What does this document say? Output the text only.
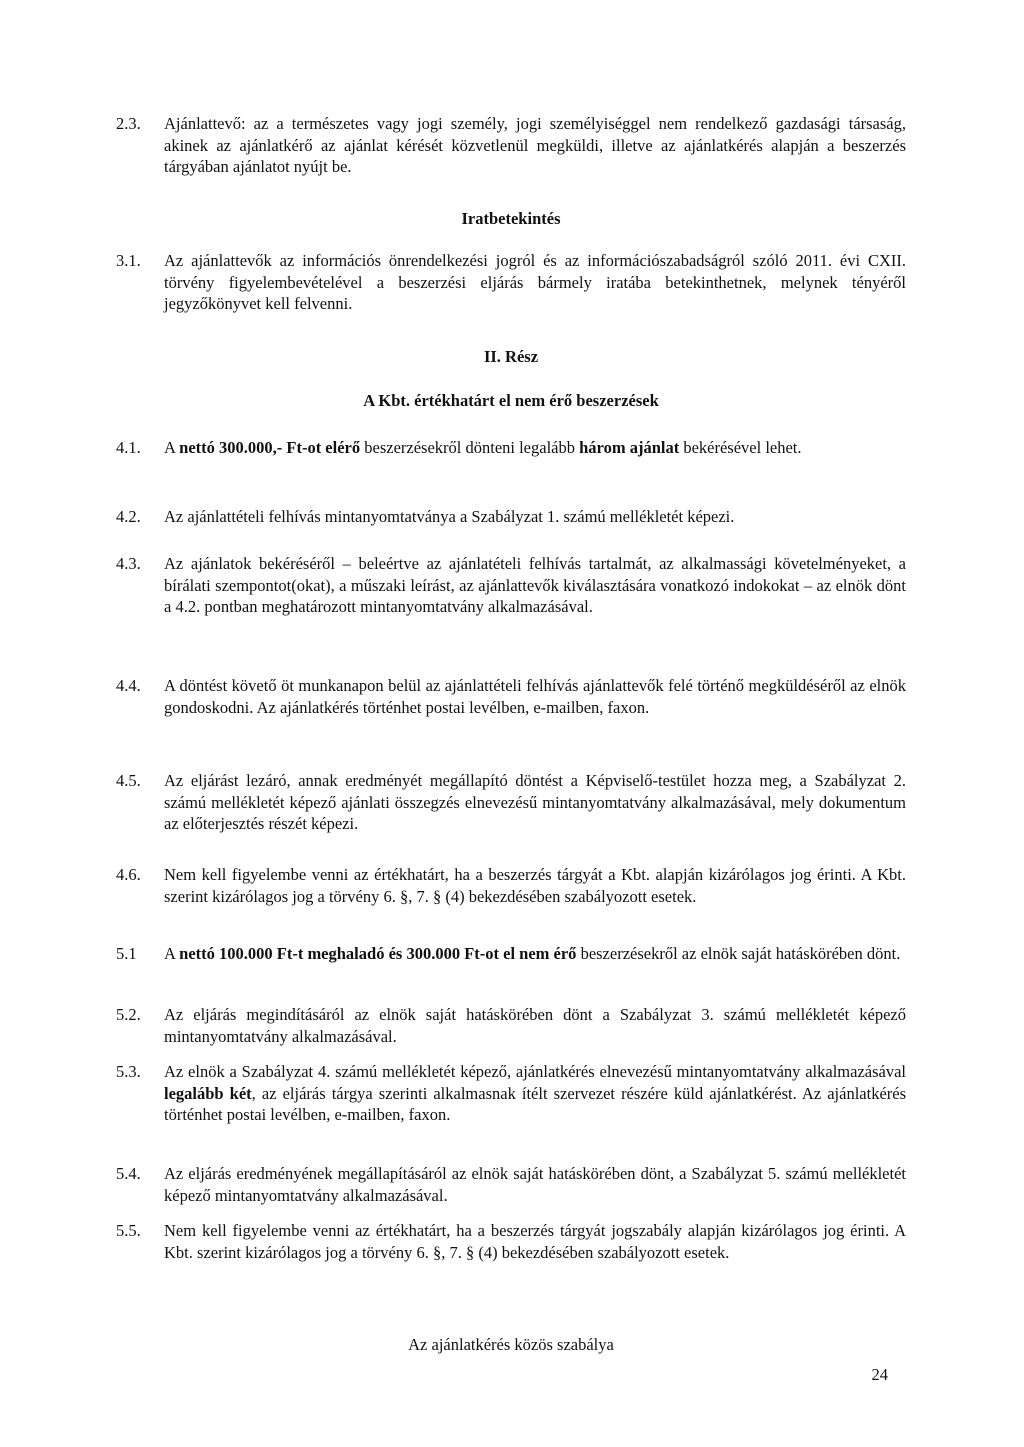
2.3. Ajánlattevő: az a természetes vagy jogi személy, jogi személyiséggel nem rendelkező gazdasági társaság, akinek az ajánlatkérő az ajánlat kérését közvetlenül megküldi, illetve az ajánlatkérés alapján a beszerzés tárgyában ajánlatot nyújt be.
Iratbetekintés
3.1. Az ajánlattevők az információs önrendelkezési jogról és az információszabadságról szóló 2011. évi CXII. törvény figyelembevételével a beszerzési eljárás bármely iratába betekinthetnek, melynek tényéről jegyzőkönyvet kell felvenni.
II. Rész
A Kbt. értékhatárt el nem érő beszerzések
4.1. A nettó 300.000,- Ft-ot elérő beszerzésekről dönteni legalább három ajánlat bekérésével lehet.
4.2. Az ajánlattételi felhívás mintanyomtatványa a Szabályzat 1. számú mellékletét képezi.
4.3. Az ajánlatok bekéréséről – beleértve az ajánlatételi felhívás tartalmát, az alkalmassági követelményeket, a bírálati szempontot(okat), a műszaki leírást, az ajánlattevők kiválasztására vonatkozó indokokat – az elnök dönt a 4.2. pontban meghatározott mintanyomtatvány alkalmazásával.
4.4. A döntést követő öt munkanapon belül az ajánlattételi felhívás ajánlattevők felé történő megküldéséről az elnök gondoskodni. Az ajánlatkérés történhet postai levélben, e-mailben, faxon.
4.5. Az eljárást lezáró, annak eredményét megállapító döntést a Képviselő-testület hozza meg, a Szabályzat 2. számú mellékletét képező ajánlati összegzés elnevezésű mintanyomtatvány alkalmazásával, mely dokumentum az előterjesztés részét képezi.
4.6. Nem kell figyelembe venni az értékhatárt, ha a beszerzés tárgyát a Kbt. alapján kizárólagos jog érinti. A Kbt. szerint kizárólagos jog a törvény 6. §, 7. § (4) bekezdésében szabályozott esetek.
5.1 A nettó 100.000 Ft-t meghaladó és 300.000 Ft-ot el nem érő beszerzésekről az elnök saját hatáskörében dönt.
5.2. Az eljárás megindításáról az elnök saját hatáskörében dönt a Szabályzat 3. számú mellékletét képező mintanyomtatvány alkalmazásával.
5.3. Az elnök a Szabályzat 4. számú mellékletét képező, ajánlatkérés elnevezésű mintanyomtatvány alkalmazásával legalább két, az eljárás tárgya szerinti alkalmasnak ítélt szervezet részére küld ajánlatkérést. Az ajánlatkérés történhet postai levélben, e-mailben, faxon.
5.4. Az eljárás eredményének megállapításáról az elnök saját hatáskörében dönt, a Szabályzat 5. számú mellékletét képező mintanyomtatvány alkalmazásával.
5.5. Nem kell figyelembe venni az értékhatárt, ha a beszerzés tárgyát jogszabály alapján kizárólagos jog érinti. A Kbt. szerint kizárólagos jog a törvény 6. §, 7. § (4) bekezdésében szabályozott esetek.
Az ajánlatkérés közös szabálya
24
